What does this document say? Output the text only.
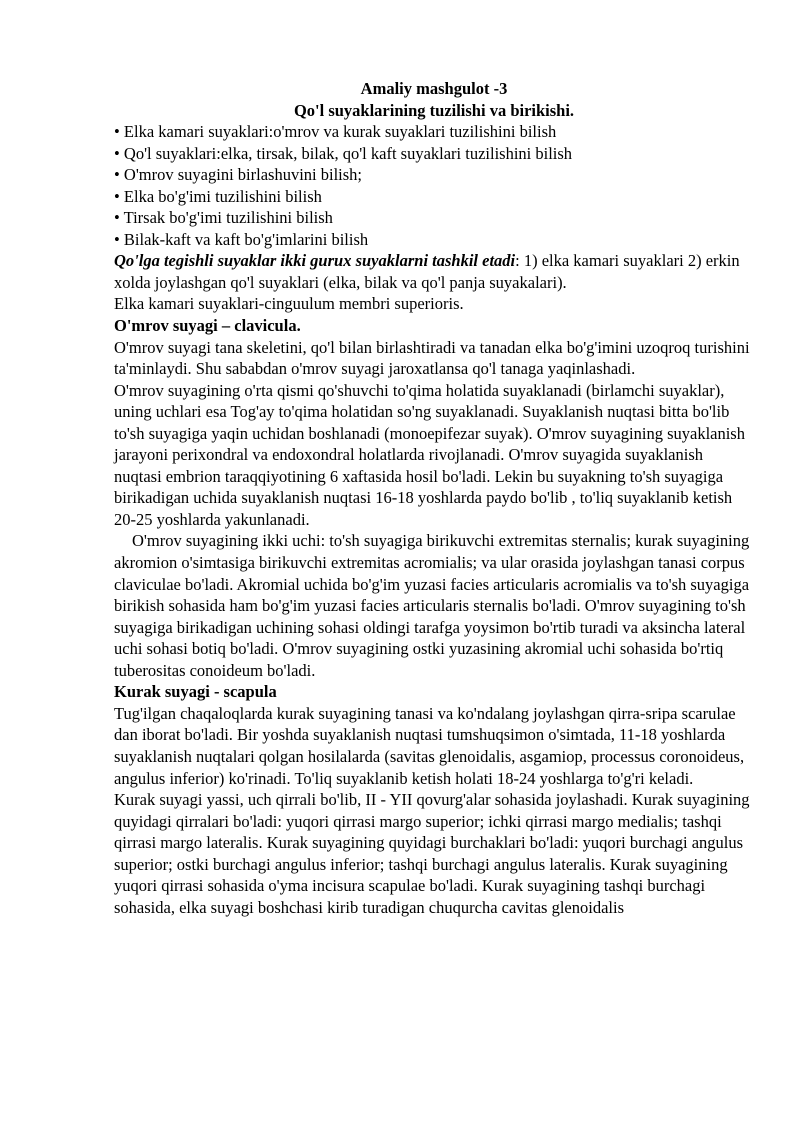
Amaliy mashgulot -3

Qo'l suyaklarining tuzilishi va birikishi.

• Elka kamari suyaklari:o'mrov va kurak suyaklari tuzilishini bilish

• Qo'l suyaklari:elka, tirsak, bilak, qo'l kaft suyaklari tuzilishini bilish

• O'mrov suyagini birlashuvini bilish;

• Elka bo'g'imi tuzilishini bilish

• Tirsak bo'g'imi tuzilishini bilish

• Bilak-kaft va kaft bo'g'imlarini bilish

Qo'lga tegishli suyaklar ikki gurux suyaklarni tashkil etadi: 1) elka kamari suyaklari 2) erkin xolda joylashgan qo'l suyaklari (elka, bilak va qo'l panja suyakalari).

Elka kamari suyaklari-cinguulum membri superioris.

O'mrov suyagi – clavicula.

O'mrov suyagi tana skeletini, qo'l bilan birlashtiradi va tanadan elka bo'g'imini uzoqroq turishini ta'minlaydi. Shu sababdan o'mrov suyagi jaroxatlansa qo'l tanaga yaqinlashadi.

O'mrov suyagining o'rta qismi qo'shuvchi to'qima holatida suyaklanadi (birlamchi suyaklar), uning uchlari esa Tog'ay to'qima holatidan so'ng suyaklanadi. Suyaklanish nuqtasi bitta bo'lib to'sh suyagiga yaqin uchidan boshlanadi (monoepifezar suyak). O'mrov suyagining suyaklanish jarayoni perixondral va endoxondral holatlarda rivojlanadi. O'mrov suyagida suyaklanish nuqtasi embrion taraqqiyotining 6 xaftasida hosil bo'ladi. Lekin bu suyakning to'sh suyagiga birikadigan uchida suyaklanish nuqtasi 16-18 yoshlarda paydo bo'lib , to'liq suyaklanib ketish 20-25 yoshlarda yakunlanadi.

O'mrov suyagining ikki uchi: to'sh suyagiga birikuvchi extremitas sternalis; kurak suyagining akromion o'simtasiga birikuvchi extremitas acromialis; va ular orasida joylashgan tanasi corpus claviculae bo'ladi. Akromial uchida bo'g'im yuzasi facies articularis acromialis va to'sh suyagiga birikish sohasida ham bo'g'im yuzasi facies articularis sternalis bo'ladi. O'mrov suyagining to'sh suyagiga birikadigan uchining sohasi oldingi tarafga yoysimon bo'rtib turadi va aksincha lateral uchi sohasi botiq bo'ladi. O'mrov suyagining ostki yuzasining akromial uchi sohasida bo'rtiq tuberositas conoideum bo'ladi.

Kurak suyagi - scapula

Tug'ilgan chaqaloqlarda kurak suyagining tanasi va ko'ndalang joylashgan qirra-sripa scarulae dan iborat bo'ladi. Bir yoshda suyaklanish nuqtasi tumshuqsimon o'simtada, 11-18 yoshlarda suyaklanish nuqtalari qolgan hosilalarda (savitas glenoidalis, asgamiop, processus coronoideus, angulus inferior) ko'rinadi. To'liq suyaklanib ketish holati 18-24 yoshlarga to'g'ri keladi.

Kurak suyagi yassi, uch qirrali bo'lib, II - YII qovurg'alar sohasida joylashadi. Kurak suyagining quyidagi qirralari bo'ladi: yuqori qirrasi margo superior; ichki qirrasi margo medialis; tashqi qirrasi margo lateralis. Kurak suyagining quyidagi burchaklari bo'ladi: yuqori burchagi angulus superior; ostki burchagi angulus inferior; tashqi burchagi angulus lateralis. Kurak suyagining yuqori qirrasi sohasida o'yma incisura scapulae bo'ladi. Kurak suyagining tashqi burchagi sohasida, elka suyagi boshchasi kirib turadigan chuqurcha cavitas glenoidalis
